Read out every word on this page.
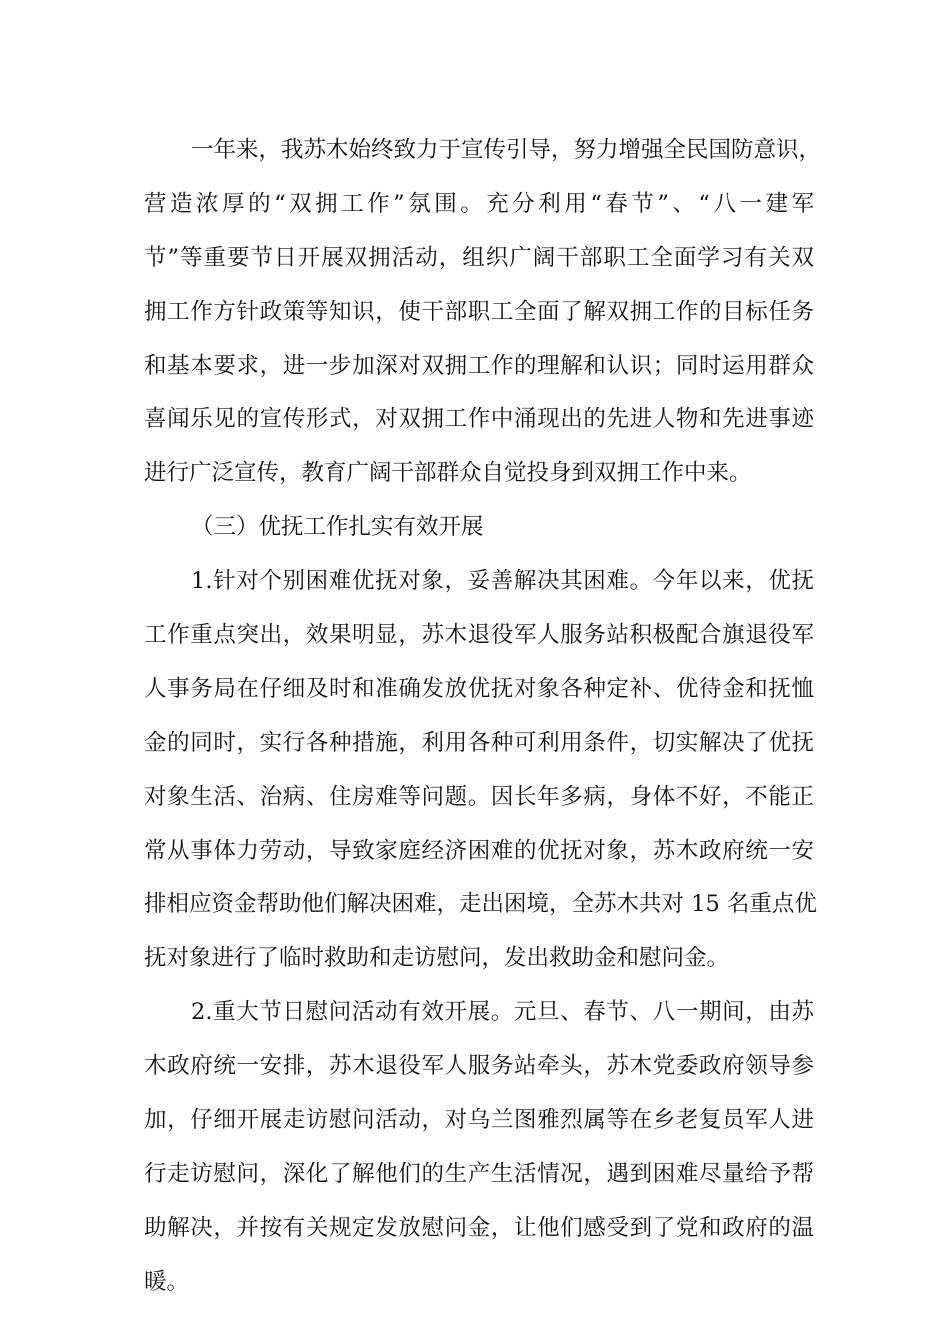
一年来，我苏木始终致力于宣传引导，努力增强全民国防意识，
营造浓厚的“双拥工作”氛围。充分利用“春节”、“八一建军
节”等重要节日开展双拥活动，组织广阔干部职工全面学习有关双
拥工作方针政策等知识，使干部职工全面了解双拥工作的目标任务
和基本要求，进一步加深对双拥工作的理解和认识；同时运用群众
喜闻乐见的宣传形式，对双拥工作中涌现出的先进人物和先进事迹
进行广泛宣传，教育广阔干部群众自觉投身到双拥工作中来。
（三）优抚工作扎实有效开展
1.针对个别困难优抚对象，妥善解决其困难。今年以来，优抚
工作重点突出，效果明显，苏木退役军人服务站积极配合旗退役军
人事务局在仔细及时和准确发放优抚对象各种定补、优待金和抚恤
金的同时，实行各种措施，利用各种可利用条件，切实解决了优抚
对象生活、治病、住房难等问题。因长年多病，身体不好，不能正
常从事体力劳动，导致家庭经济困难的优抚对象，苏木政府统一安
排相应资金帮助他们解决困难，走出困境，全苏木共对 15 名重点优
抚对象进行了临时救助和走访慰问，发出救助金和慰问金。
2.重大节日慰问活动有效开展。元旦、春节、八一期间，由苏
木政府统一安排，苏木退役军人服务站牵头，苏木党委政府领导参
加，仔细开展走访慰问活动，对乌兰图雅烈属等在乡老复员军人进
行走访慰问，深化了解他们的生产生活情况，遇到困难尽量给予帮
助解决，并按有关规定发放慰问金，让他们感受到了党和政府的温
暖。
